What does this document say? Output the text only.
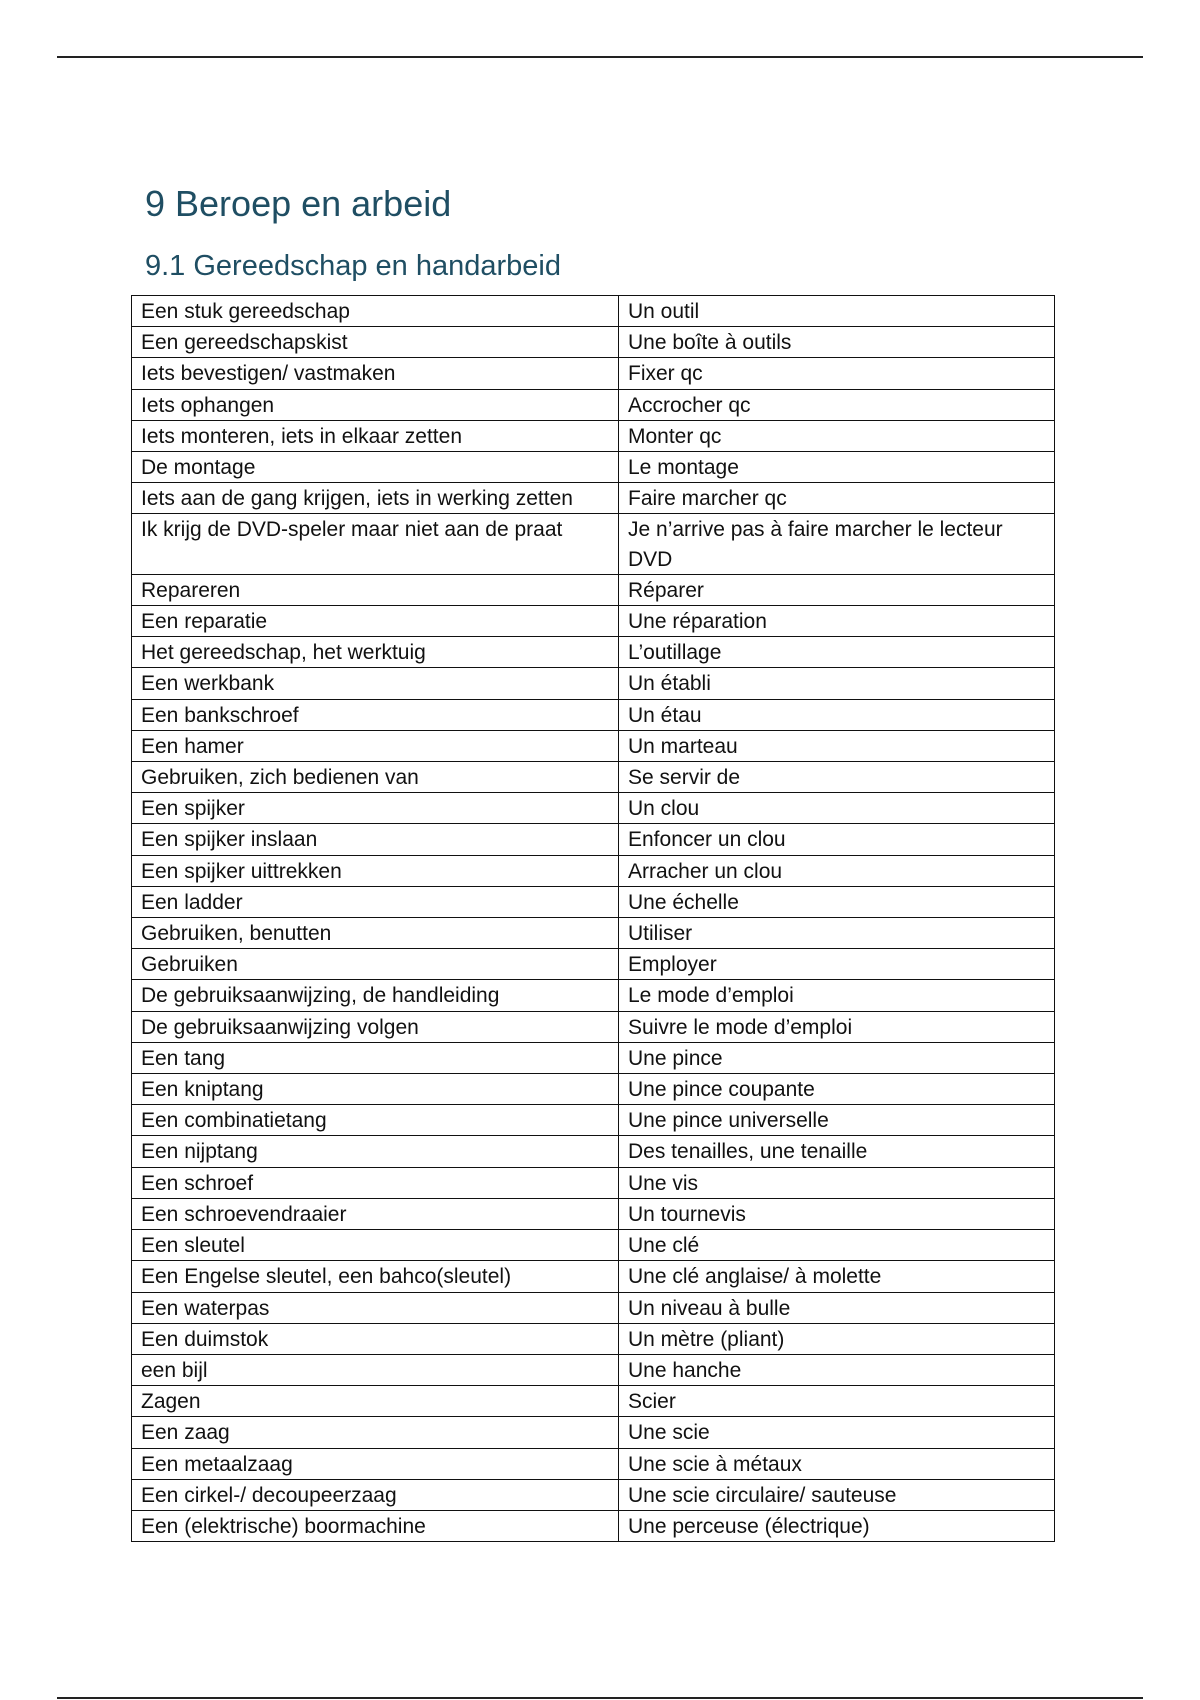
9 Beroep en arbeid
9.1 Gereedschap en handarbeid
Een stuk gereedschap	Un outil
Een gereedschapskist	Une boîte à outils
Iets bevestigen/ vastmaken	Fixer qc
Iets ophangen	Accrocher qc
Iets monteren, iets in elkaar zetten	Monter qc
De montage	Le montage
Iets aan de gang krijgen, iets in werking zetten	Faire marcher qc
Ik krijg de DVD-speler maar niet aan de praat	Je n’arrive pas à faire marcher le lecteur DVD
Repareren	Réparer
Een reparatie	Une réparation
Het gereedschap, het werktuig	L’outillage
Een werkbank	Un établi
Een bankschroef	Un étau
Een hamer	Un marteau
Gebruiken, zich bedienen van	Se servir de
Een spijker	Un clou
Een spijker inslaan	Enfoncer un clou
Een spijker uittrekken	Arracher un clou
Een ladder	Une échelle
Gebruiken, benutten	Utiliser
Gebruiken	Employer
De gebruiksaanwijzing, de handleiding	Le mode d’emploi
De gebruiksaanwijzing volgen	Suivre le mode d’emploi
Een tang	Une pince
Een kniptang	Une pince coupante
Een combinatietang	Une pince universelle
Een nijptang	Des tenailles, une tenaille
Een schroef	Une vis
Een schroevendraaier	Un tournevis
Een sleutel	Une clé
Een Engelse sleutel, een bahco(sleutel)	Une clé anglaise/ à molette
Een waterpas	Un niveau à bulle
Een duimstok	Un mètre (pliant)
een bijl	Une hanche
Zagen	Scier
Een zaag	Une scie
Een metaalzaag	Une scie à métaux
Een cirkel-/ decoupeerzaag	Une scie circulaire/ sauteuse
Een (elektrische) boormachine	Une perceuse (électrique)
